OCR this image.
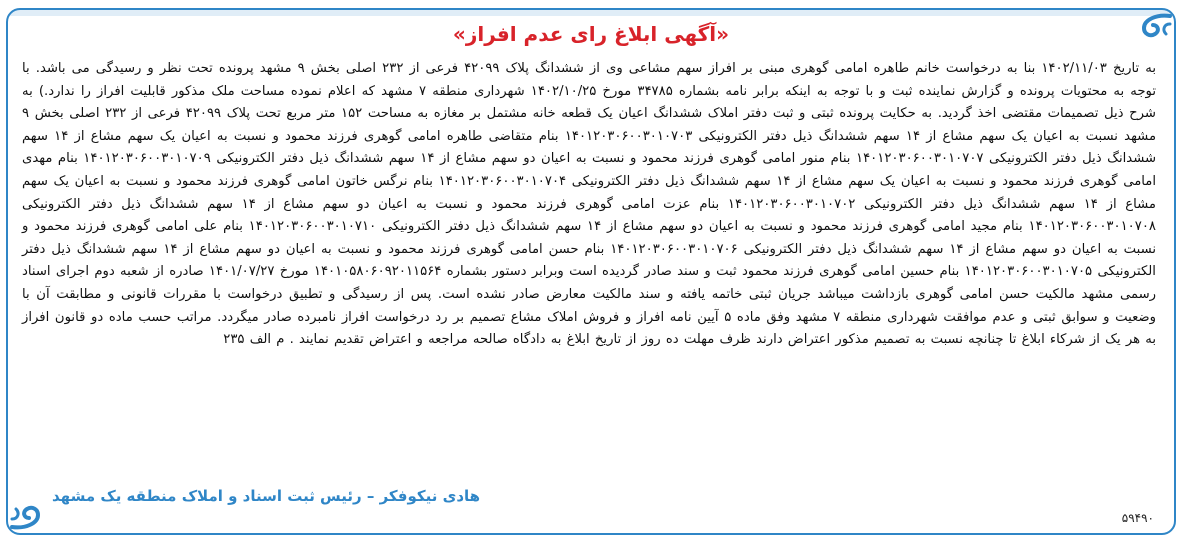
«آگهی ابلاغ رای عدم افراز»
به تاریخ ۱۴۰۲/۱۱/۰۳ بنا به درخواست خانم طاهره امامی گوهری مبنی بر افراز سهم مشاعی وی از ششدانگ پلاک ۴۲۰۹۹ فرعی از ۲۳۲ اصلی بخش ۹ مشهد پرونده تحت نظر و رسیدگی می باشد. با توجه به محتویات پرونده و گزارش نماینده ثبت و با توجه به اینکه برابر نامه بشماره ۳۴۷۸۵ مورخ ۱۴۰۲/۱۰/۲۵ شهرداری منطقه ۷ مشهد که اعلام نموده مساحت ملک مذکور قابلیت افراز را ندارد.) به شرح ذیل تصمیمات مقتضی اخذ گردید. به حکایت پرونده ثبتی و ثبت دفتر املاک ششدانگ اعیان یک قطعه خانه مشتمل بر مغازه به مساحت ۱۵۲ متر مربع تحت پلاک ۴۲۰۹۹ فرعی از ۲۳۲ اصلی بخش ۹ مشهد نسبت به اعیان یک سهم مشاع از ۱۴ سهم ششدانگ ذیل دفتر الکترونیکی ۱۴۰۱۲۰۳۰۶۰۰۳۰۱۰۷۰۳ بنام متقاضی طاهره امامی گوهری فرزند محمود و نسبت به اعیان یک سهم مشاع از ۱۴ سهم ششدانگ ذیل دفتر الکترونیکی ۱۴۰۱۲۰۳۰۶۰۰۳۰۱۰۷۰۷ بنام منور امامی گوهری فرزند محمود و نسبت به اعیان دو سهم مشاع از ۱۴ سهم ششدانگ ذیل دفتر الکترونیکی ۱۴۰۱۲۰۳۰۶۰۰۳۰۱۰۷۰۹ بنام مهدی امامی گوهری فرزند محمود و نسبت به اعیان یک سهم مشاع از ۱۴ سهم ششدانگ ذیل دفتر الکترونیکی ۱۴۰۱۲۰۳۰۶۰۰۳۰۱۰۷۰۴ بنام نرگس خاتون امامی گوهری فرزند محمود و نسبت به اعیان یک سهم مشاع از ۱۴ سهم ششدانگ ذیل دفتر الکترونیکی ۱۴۰۱۲۰۳۰۶۰۰۳۰۱۰۷۰۲ بنام عزت امامی گوهری فرزند محمود و نسبت به اعیان دو سهم مشاع از ۱۴ سهم ششدانگ ذیل دفتر الکترونیکی ۱۴۰۱۲۰۳۰۶۰۰۳۰۱۰۷۰۸ بنام مجید امامی گوهری فرزند محمود و نسبت به اعیان دو سهم مشاع از ۱۴ سهم ششدانگ ذیل دفتر الکترونیکی ۱۴۰۱۲۰۳۰۶۰۰۳۰۱۰۷۱۰ بنام علی امامی گوهری فرزند محمود و نسبت به اعیان دو سهم مشاع از ۱۴ سهم ششدانگ ذیل دفتر الکترونیکی ۱۴۰۱۲۰۳۰۶۰۰۳۰۱۰۷۰۶ بنام حسن امامی گوهری فرزند محمود و نسبت به اعیان دو سهم مشاع از ۱۴ سهم ششدانگ ذیل دفتر الکترونیکی ۱۴۰۱۲۰۳۰۶۰۰۳۰۱۰۷۰۵ بنام حسین امامی گوهری فرزند محمود ثبت و سند صادر گردیده است وبرابر دستور بشماره ۱۴۰۱۰۵۸۰۶۰۹۲۰۱۱۵۶۴ مورخ ۱۴۰۱/۰۷/۲۷ صادره از شعبه دوم اجرای اسناد رسمی مشهد مالکیت حسن امامی گوهری بازداشت میباشد جریان ثبتی خاتمه یافته و سند مالکیت معارض صادر نشده است. پس از رسیدگی و تطبیق درخواست با مقررات قانونی و مطابقت آن با وضعیت و سوابق ثبتی و عدم موافقت شهرداری منطقه ۷ مشهد وفق ماده ۵ آیین نامه افراز و فروش املاک مشاع تصمیم بر رد درخواست افراز نامبرده صادر میگردد. مراتب حسب ماده دو قانون افراز به هر یک از شرکاء ابلاغ تا چنانچه نسبت به تصمیم مذکور اعتراض دارند ظرف مهلت ده روز از تاریخ ابلاغ به دادگاه صالحه مراجعه و اعتراض تقدیم نمایند . م الف ۲۳۵
هادی نیکوفکر – رئیس ثبت اسناد و املاک منطقه یک مشهد
۵۹۴۹۰
